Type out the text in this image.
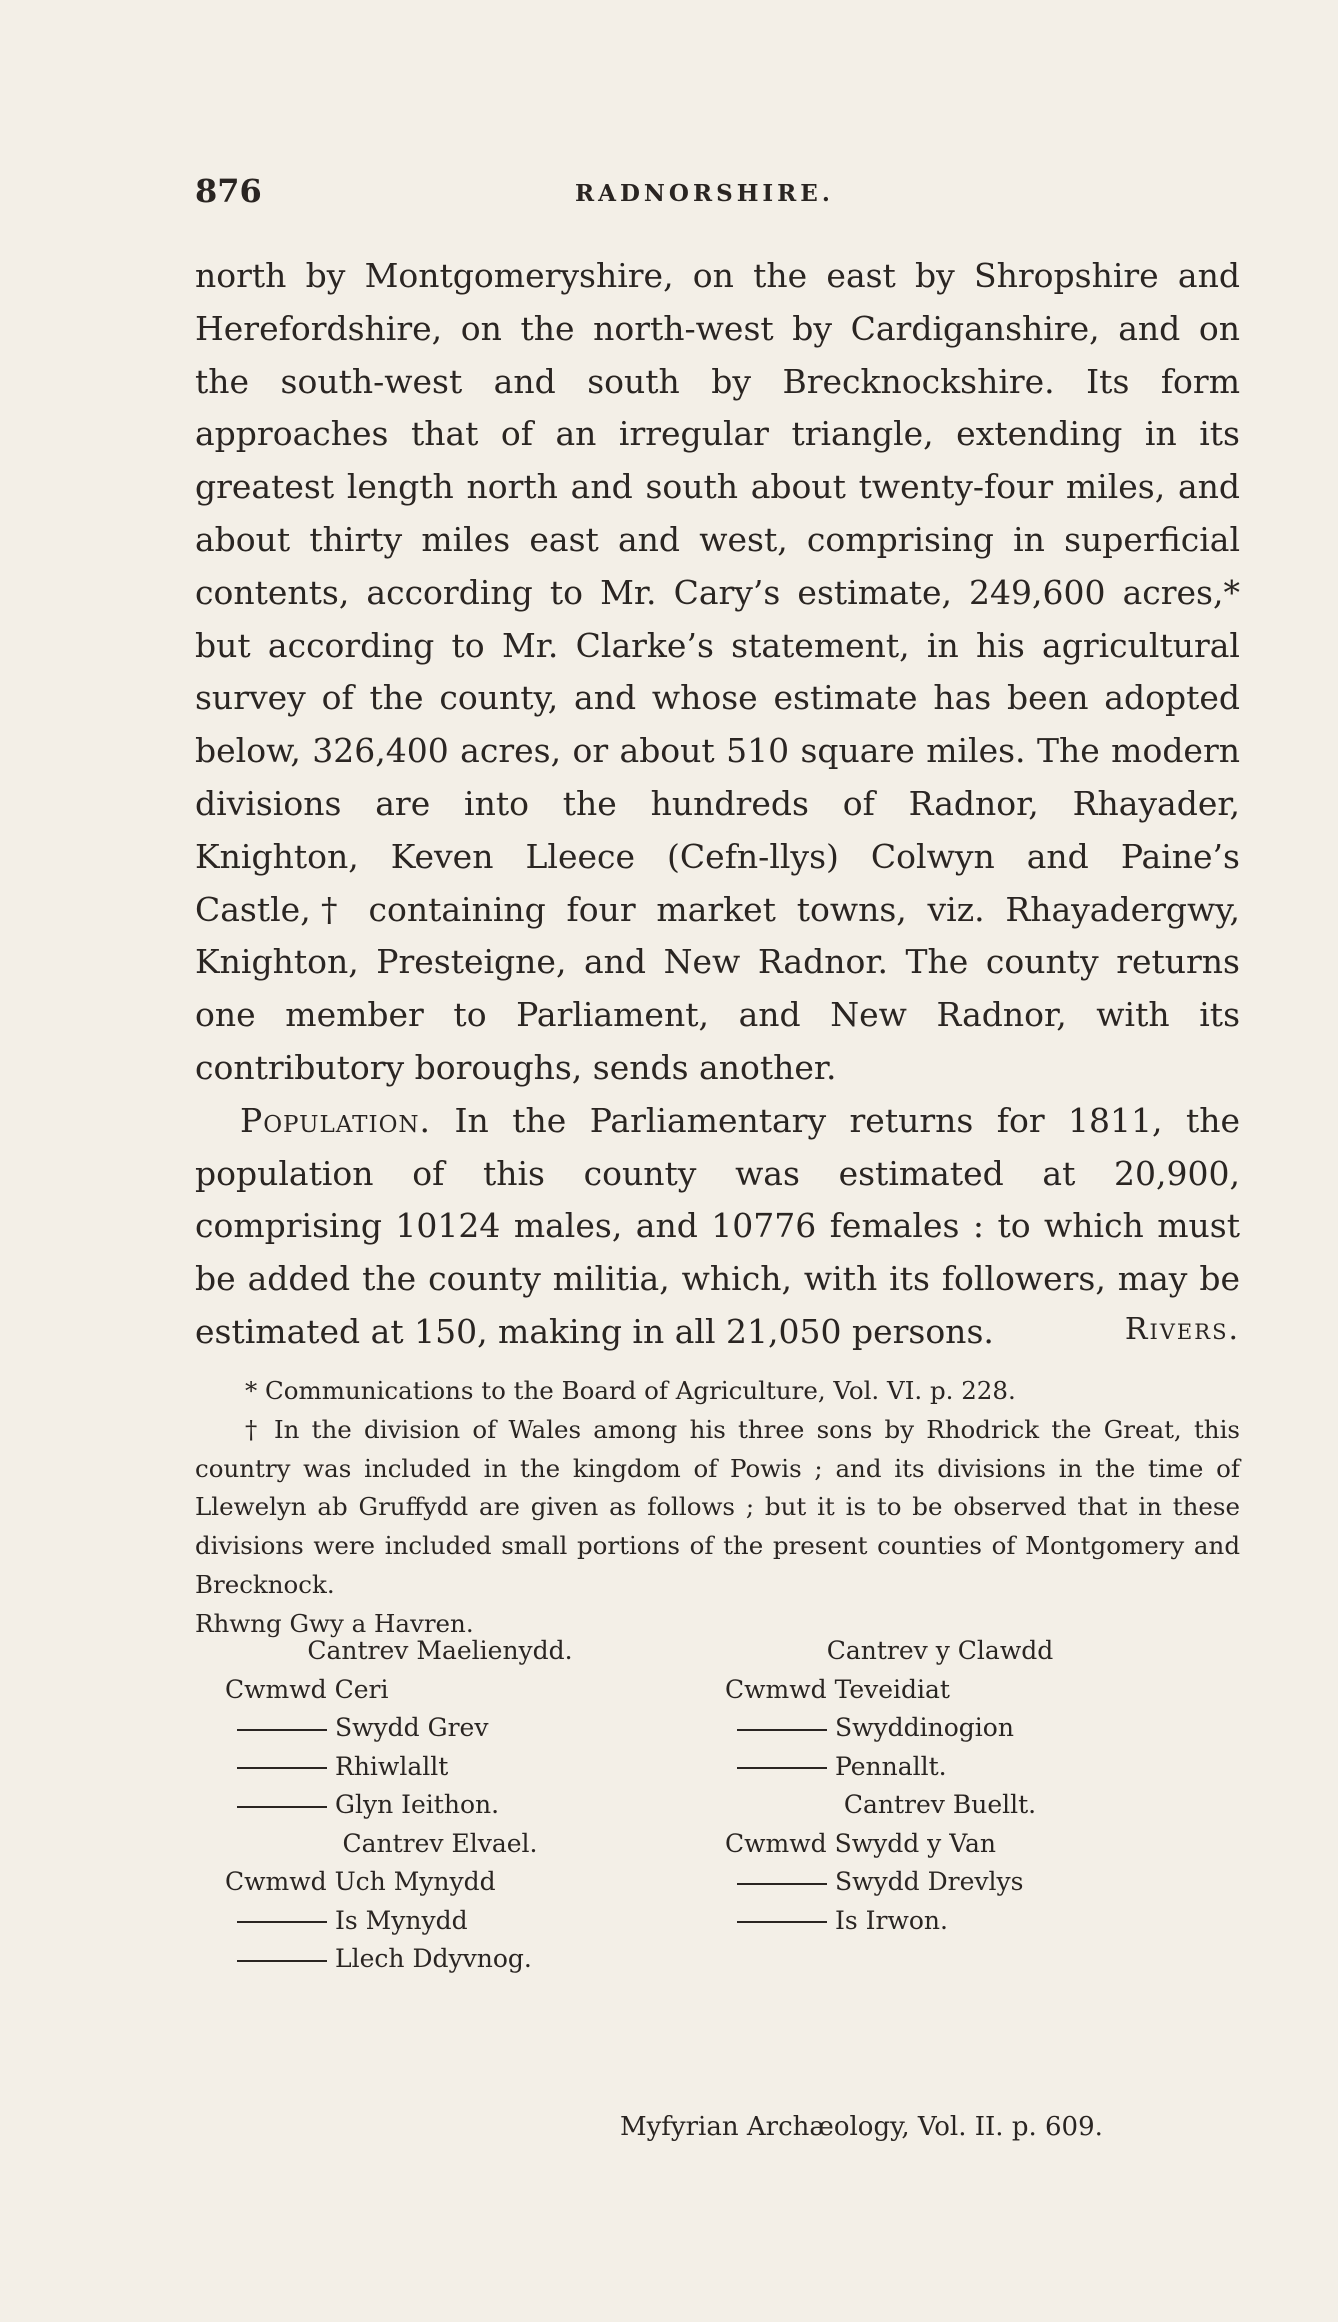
876	RADNORSHIRE.

north by Montgomeryshire, on the east by Shropshire and Herefordshire, on the north-west by Cardiganshire, and on the south-west and south by Brecknockshire. Its form approaches that of an irregular triangle, extending in its greatest length north and south about twenty-four miles, and about thirty miles east and west, comprising in superficial contents, according to Mr. Cary’s estimate, 249,600 acres,* but according to Mr. Clarke’s statement, in his agricultural survey of the county, and whose estimate has been adopted below, 326,400 acres, or about 510 square miles. The modern divisions are into the hundreds of Radnor, Rhayader, Knighton, Keven Lleece (Cefn-llys) Colwyn and Paine’s Castle,† containing four market towns, viz. Rhayadergwy, Knighton, Presteigne, and New Radnor. The county returns one member to Parliament, and New Radnor, with its contributory boroughs, sends another.

Population. In the Parliamentary returns for 1811, the population of this county was estimated at 20,900, comprising 10124 males, and 10776 females : to which must be added the county militia, which, with its followers, may be estimated at 150, making in all 21,050 persons.	Rivers.

* Communications to the Board of Agriculture, Vol. VI. p. 228.

† In the division of Wales among his three sons by Rhodrick the Great, this country was included in the kingdom of Powis ; and its divisions in the time of Llewelyn ab Gruffydd are given as follows ; but it is to be observed that in these divisions were included small portions of the present counties of Montgomery and Brecknock.

Rhwng Gwy a Havren.

Cantrev Maelienydd.
Cwmwd Ceri
Swydd Grev
Rhiwlallt
Glyn Ieithon.
Cantrev Elvael.
Cwmwd Uch Mynydd
Is Mynydd
Llech Ddyvnog.
Cantrev y Clawdd
Cwmwd Teveidiat
Swyddinogion
Pennallt.
Cantrev Buellt.
Cwmwd Swydd y Van
Swydd Drevlys
Is Irwon.
Myfyrian Archæology, Vol. II. p. 609.
